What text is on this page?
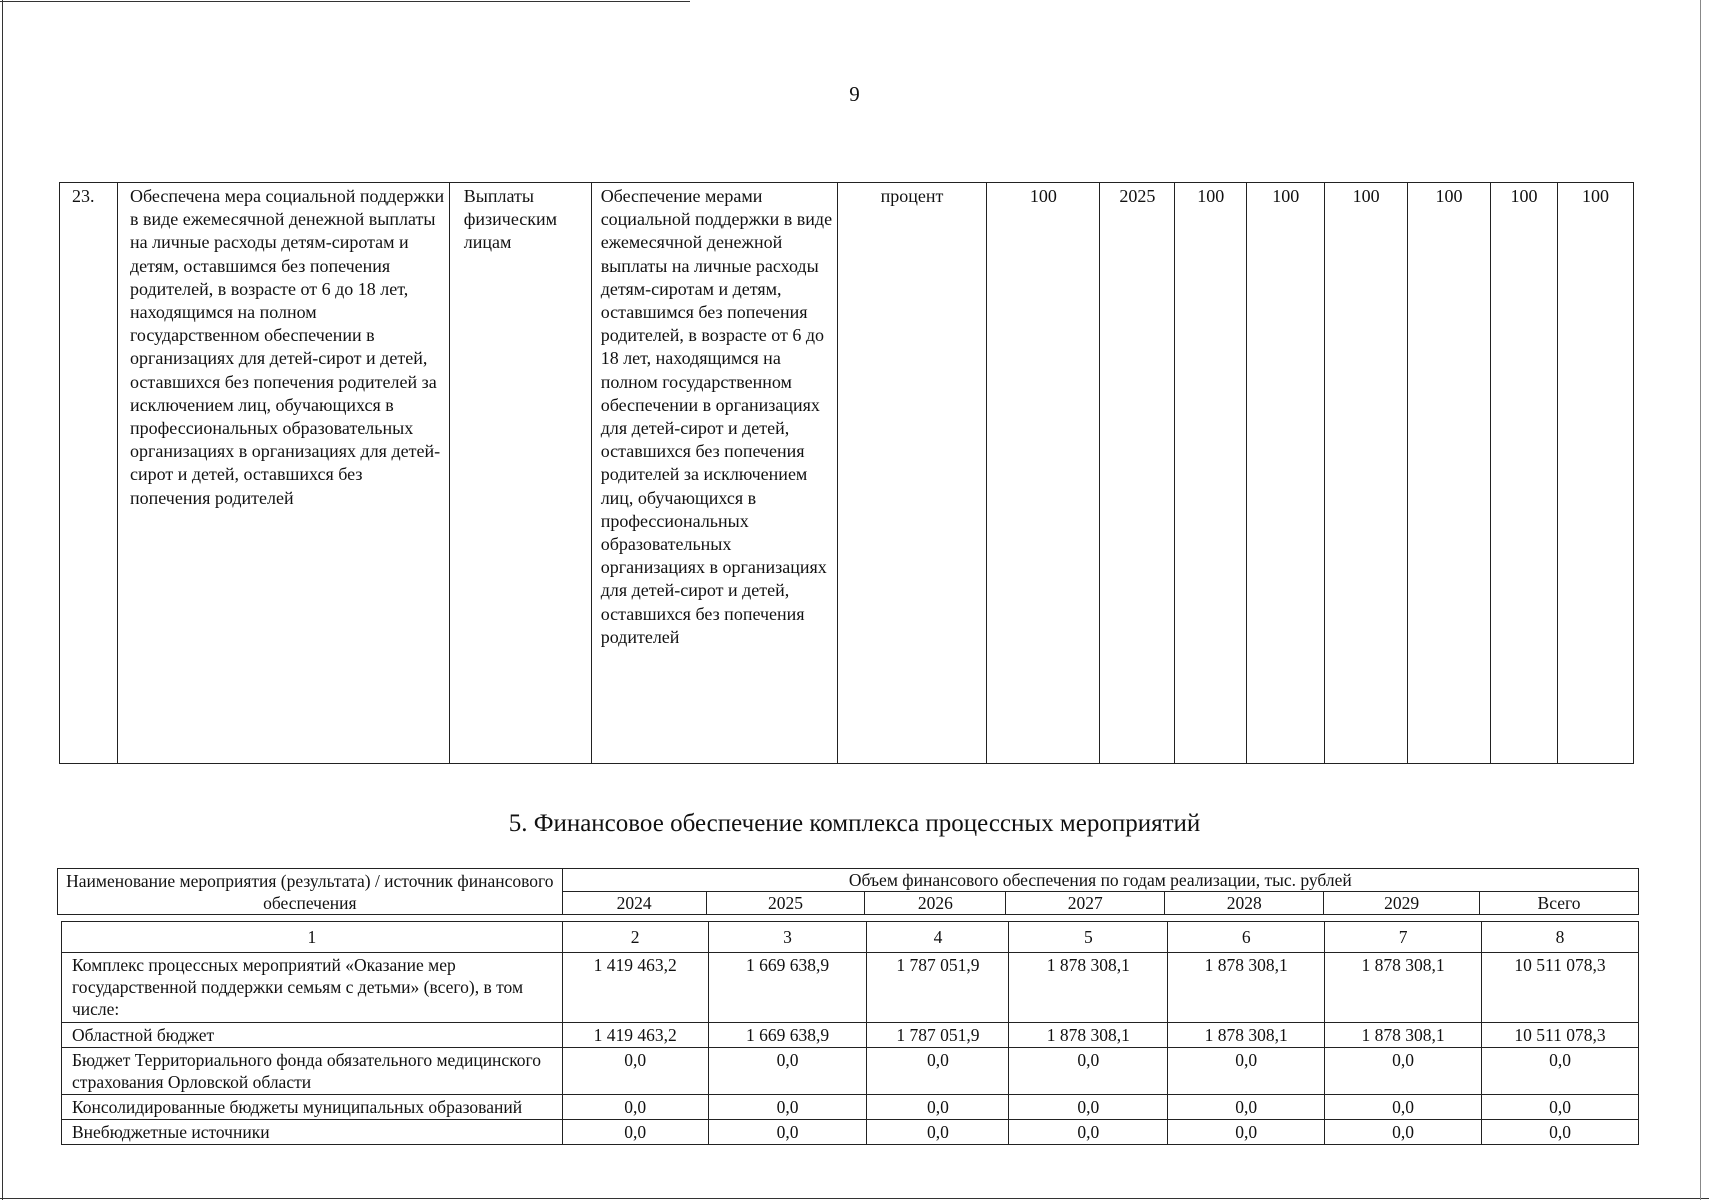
9
23.	Обеспечена мера социальной поддержки в виде ежемесячной денежной выплаты на личные расходы детям-сиротам и детям, оставшимся без попечения родителей, в возрасте от 6 до 18 лет, находящимся на полном государственном обеспечении в организациях для детей-сирот и детей, оставшихся без попечения родителей за исключением лиц, обучающихся в профессиональных образовательных организациях в организациях для детей-сирот и детей, оставшихся без попечения родителей	Выплаты физическим лицам	Обеспечение мерами социальной поддержки в виде ежемесячной денежной выплаты на личные расходы детям-сиротам и детям, оставшимся без попечения родителей, в возрасте от 6 до 18 лет, находящимся на полном государственном обеспечении в организациях для детей-сирот и детей, оставшихся без попечения родителей за исключением лиц, обучающихся в профессиональных образовательных организациях в организациях для детей-сирот и детей, оставшихся без попечения родителей	процент	100	2025	100	100	100	100	100	100
5. Финансовое обеспечение комплекса процессных мероприятий
Наименование мероприятия (результата) / источник финансового обеспечения	Объем финансового обеспечения по годам реализации, тыс. рублей						
	2024	2025	2026	2027	2028	2029	Всего
1	2	3	4	5	6	7	8
Комплекс процессных мероприятий «Оказание мер государственной поддержки семьям с детьми» (всего), в том числе:	1 419 463,2	1 669 638,9	1 787 051,9	1 878 308,1	1 878 308,1	1 878 308,1	10 511 078,3
Областной бюджет	1 419 463,2	1 669 638,9	1 787 051,9	1 878 308,1	1 878 308,1	1 878 308,1	10 511 078,3
Бюджет Территориального фонда обязательного медицинского страхования Орловской области	0,0	0,0	0,0	0,0	0,0	0,0	0,0
Консолидированные бюджеты муниципальных образований	0,0	0,0	0,0	0,0	0,0	0,0	0,0
Внебюджетные источники	0,0	0,0	0,0	0,0	0,0	0,0	0,0
